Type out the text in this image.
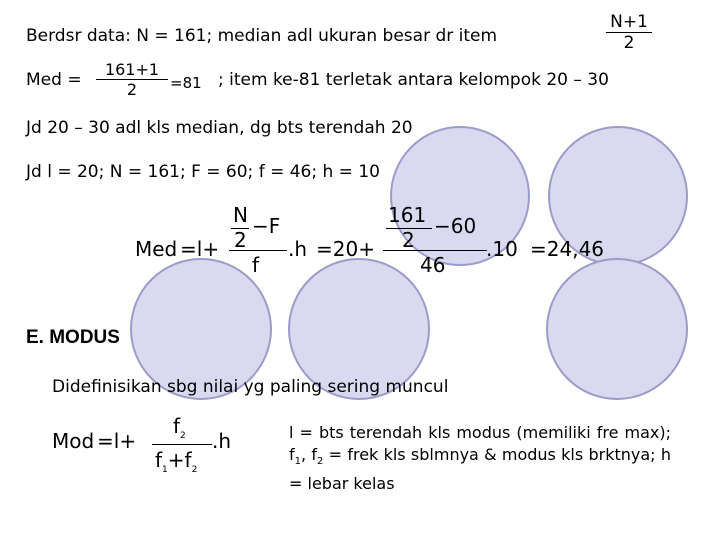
Berdsr data: N = 161; median adl ukuran besar dr item
N+1
2
Med =
161+1
2	=81 ; item ke-81 terletak antara kelompok 20 – 30
Jd 20 – 30 adl kls median, dg bts terendah 20
Jd l = 20; N = 161; F = 60; f = 46; h = 10
Med =l+
N
2
−F
f
.h =20+
161
2
−60
46
.10 =24,46
E. MODUS
Didefinisikan sbg nilai yg paling sering muncul
Mod =l+
$f_2$
$f_1+f_2$
.h	l = bts terendah kls modus (memiliki fre max); $f_1$, $f_2$ = frek kls sblmnya & modus kls brktnya; h = lebar kelas
